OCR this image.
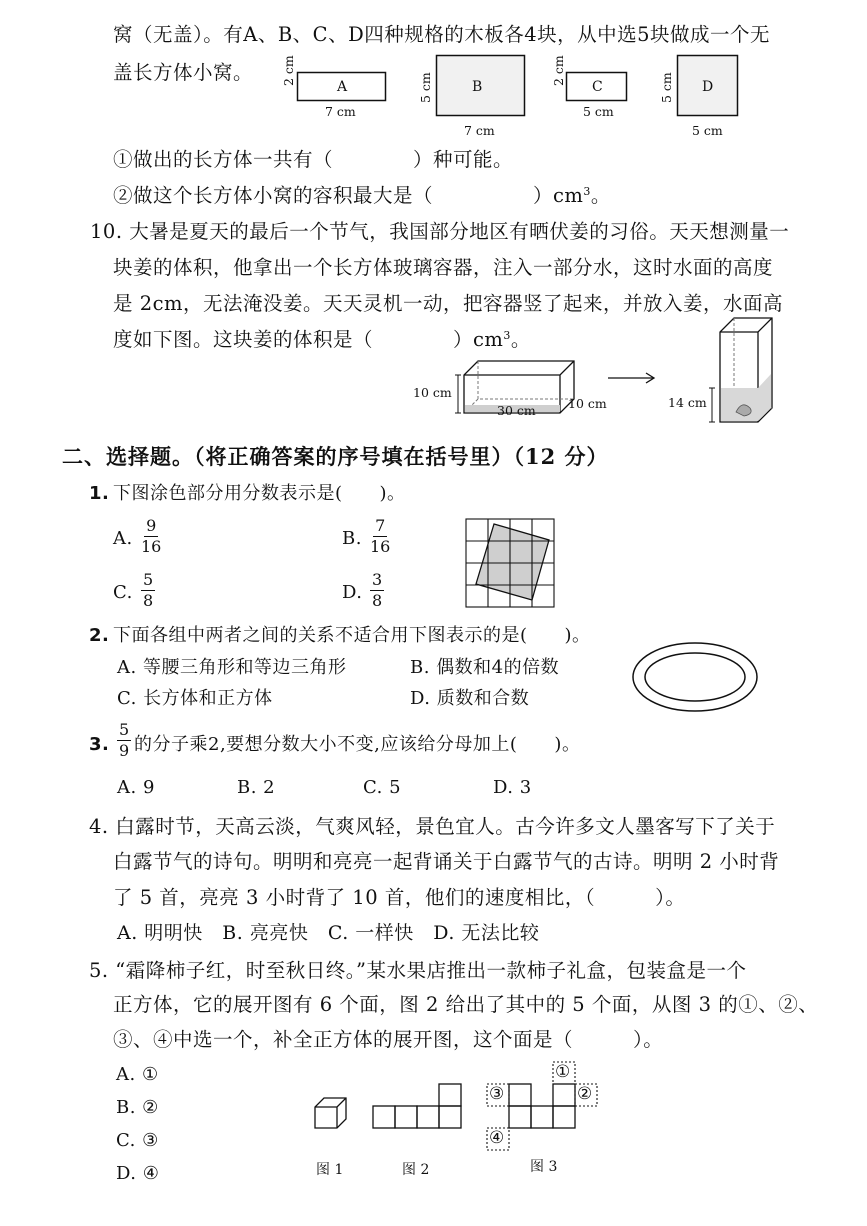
窝（无盖）。有A、B、C、D四种规格的木板各4块，从中选5块做成一个无
盖长方体小窝。
A
7 cm
2 cm
B
7 cm
5 cm	C
5 cm
2 cm
D
5 cm
5 cm
①做出的长方体一共有（　　　　）种可能。
②做这个长方体小窝的容积最大是（　　　　　）$cm^3$。
10. 大暑是夏天的最后一个节气，我国部分地区有晒伏姜的习俗。天天想测量一
块姜的体积，他拿出一个长方体玻璃容器，注入一部分水，这时水面的高度
是 2cm，无法淹没姜。天天灵机一动，把容器竖了起来，并放入姜，水面高
度如下图。这块姜的体积是（　　　　）$cm^3$。
10 cm
30 cm	10 cm	14 cm
二、选择题。（将正确答案的序号填在括号里）（12 分）
1. 下图涂色部分用分数表示是(　　)。
A. $\frac{9}{16}$	B. $\frac{7}{16}$
C. $\frac{5}{8}$	D. $\frac{3}{8}$
2. 下面各组中两者之间的关系不适合用下图表示的是(　　)。
A. 等腰三角形和等边三角形	B. 偶数和4的倍数
C. 长方体和正方体	D. 质数和合数
3. $\frac{5}{9}$ 的分子乘2,要想分数大小不变,应该给分母加上(　　)。
A. 9	B. 2	C. 5	D. 3
4. 白露时节，天高云淡，气爽风轻，景色宜人。古今许多文人墨客写下了关于
白露节气的诗句。明明和亮亮一起背诵关于白露节气的古诗。明明 2 小时背
了 5 首，亮亮 3 小时背了 10 首，他们的速度相比，（　　　）。
A. 明明快　B. 亮亮快　C. 一样快　D. 无法比较
5. “霜降柿子红，时至秋日终。”某水果店推出一款柿子礼盒，包装盒是一个
正方体，它的展开图有 6 个面，图 2 给出了其中的 5 个面，从图 3 的①、②、
③、④中选一个，补全正方体的展开图，这个面是（　　　）。
A. ①
B. ②
C. ③
D. ④
③
①
②
④
图 1	图 2	图 3
